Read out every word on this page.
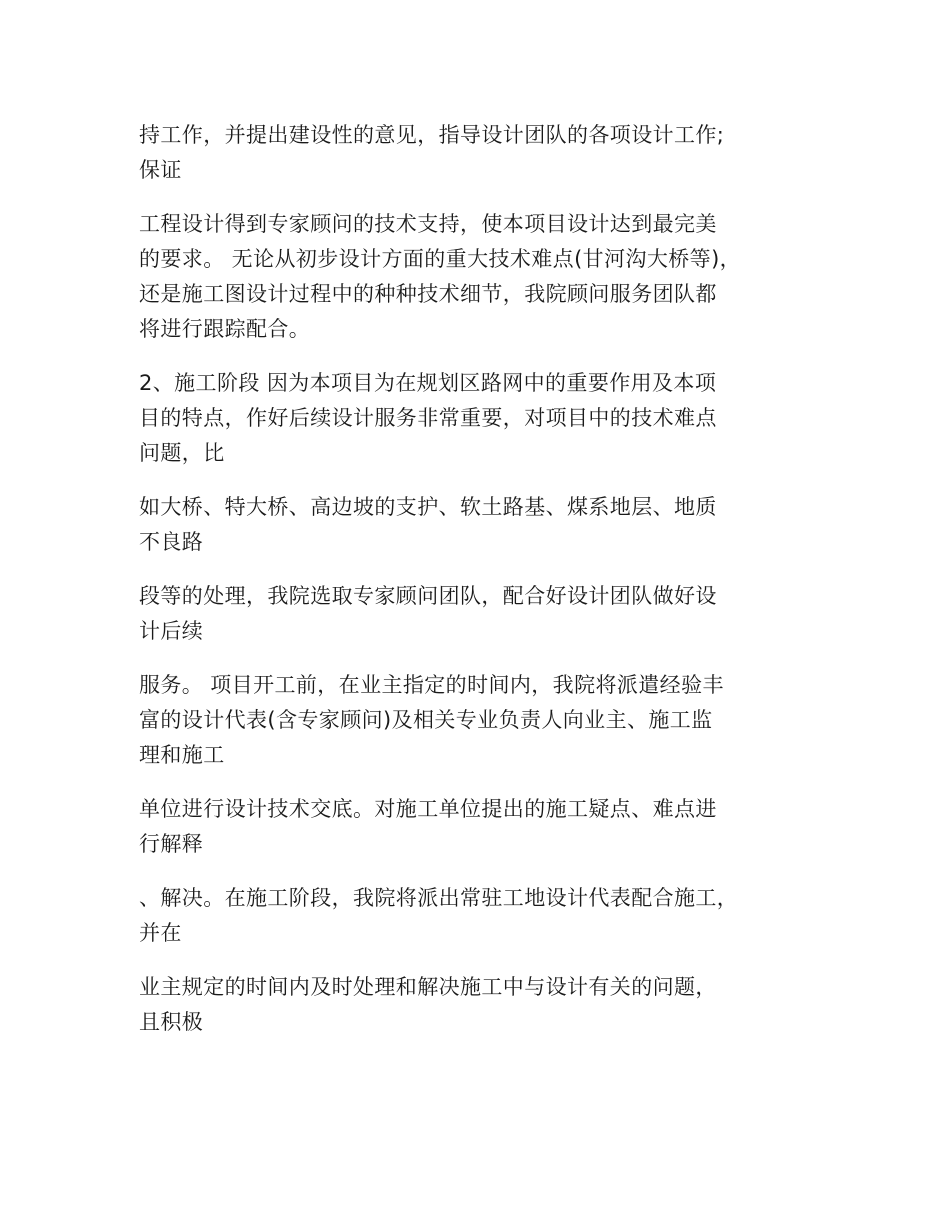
持工作，并提出建设性的意见，指导设计团队的各项设计工作;
保证

工程设计得到专家顾问的技术支持，使本项目设计达到最完美
的要求。 无论从初步设计方面的重大技术难点(甘河沟大桥等)，
还是施工图设计过程中的种种技术细节，我院顾问服务团队都
将进行跟踪配合。

2、施工阶段 因为本项目为在规划区路网中的重要作用及本项
目的特点，作好后续设计服务非常重要，对项目中的技术难点
问题，比

如大桥、特大桥、高边坡的支护、软土路基、煤系地层、地质
不良路

段等的处理，我院选取专家顾问团队，配合好设计团队做好设
计后续

服务。 项目开工前，在业主指定的时间内，我院将派遣经验丰
富的设计代表(含专家顾问)及相关专业负责人向业主、施工监
理和施工

单位进行设计技术交底。对施工单位提出的施工疑点、难点进
行解释

、解决。在施工阶段，我院将派出常驻工地设计代表配合施工，
并在

业主规定的时间内及时处理和解决施工中与设计有关的问题，
且积极
